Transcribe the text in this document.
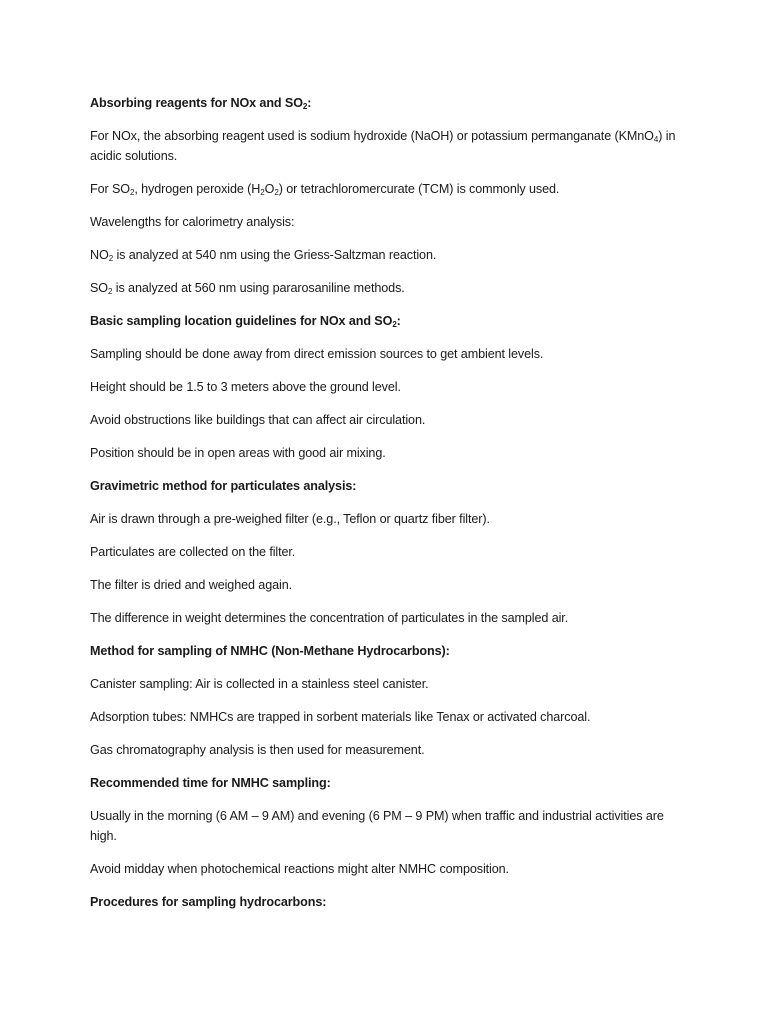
Absorbing reagents for NOx and $SO_2$:

For NOx, the absorbing reagent used is sodium hydroxide (NaOH) or potassium permanganate (KMnO$_4$) in acidic solutions.

For $SO_2$, hydrogen peroxide $(H_2O_2)$ or tetrachloromercurate (TCM) is commonly used.

Wavelengths for calorimetry analysis:

$NO_2$ is analyzed at 540 nm using the Griess-Saltzman reaction.

$SO_2$ is analyzed at 560 nm using pararosaniline methods.

Basic sampling location guidelines for NOx and $SO_2$:

Sampling should be done away from direct emission sources to get ambient levels.

Height should be 1.5 to 3 meters above the ground level.

Avoid obstructions like buildings that can affect air circulation.

Position should be in open areas with good air mixing.

Gravimetric method for particulates analysis:

Air is drawn through a pre-weighed filter (e.g., Teflon or quartz fiber filter).

Particulates are collected on the filter.

The filter is dried and weighed again.

The difference in weight determines the concentration of particulates in the sampled air.

Method for sampling of NMHC (Non-Methane Hydrocarbons):

Canister sampling: Air is collected in a stainless steel canister.

Adsorption tubes: NMHCs are trapped in sorbent materials like Tenax or activated charcoal.

Gas chromatography analysis is then used for measurement.

Recommended time for NMHC sampling:

Usually in the morning (6 AM – 9 AM) and evening (6 PM – 9 PM) when traffic and industrial activities are high.

Avoid midday when photochemical reactions might alter NMHC composition.

Procedures for sampling hydrocarbons:
